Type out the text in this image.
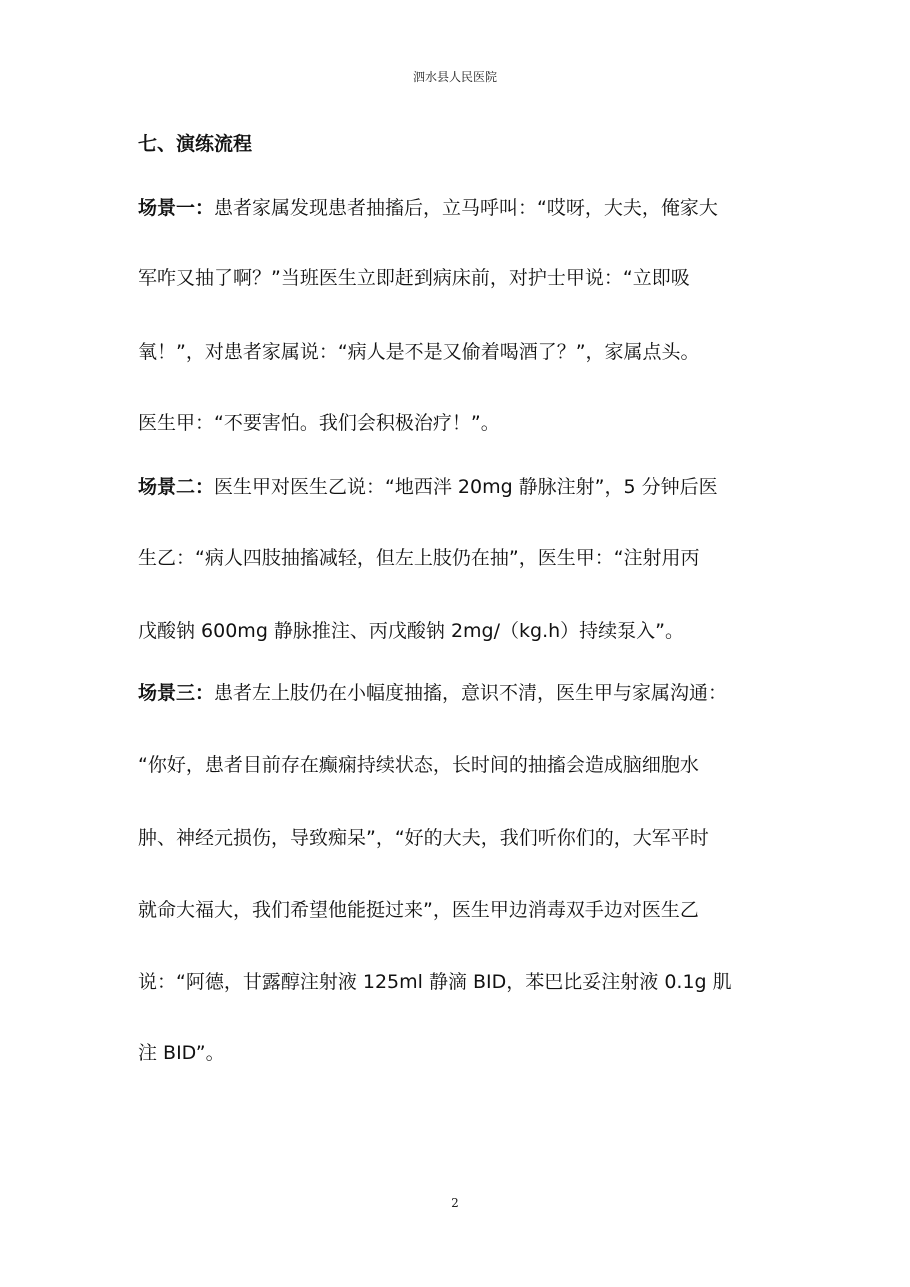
泗水县人民医院
七、演练流程
场景一：患者家属发现患者抽搐后，立马呼叫：“哎呀，大夫，俺家大
军咋又抽了啊？”当班医生立即赶到病床前，对护士甲说：“立即吸
氧！”，对患者家属说：“病人是不是又偷着喝酒了？”，家属点头。
医生甲：“不要害怕。我们会积极治疗！”。
场景二：医生甲对医生乙说：“地西泮 20mg 静脉注射”，5 分钟后医
生乙：“病人四肢抽搐减轻，但左上肢仍在抽”，医生甲：“注射用丙
戊酸钠 600mg 静脉推注、丙戊酸钠 2mg/（kg.h）持续泵入”。
场景三：患者左上肢仍在小幅度抽搐，意识不清，医生甲与家属沟通：
“你好，患者目前存在癫痫持续状态，长时间的抽搐会造成脑细胞水
肿、神经元损伤，导致痴呆”，“好的大夫，我们听你们的，大军平时
就命大福大，我们希望他能挺过来”，医生甲边消毒双手边对医生乙
说：“阿德，甘露醇注射液 125ml 静滴 BID，苯巴比妥注射液 0.1g 肌
注 BID”。
2
